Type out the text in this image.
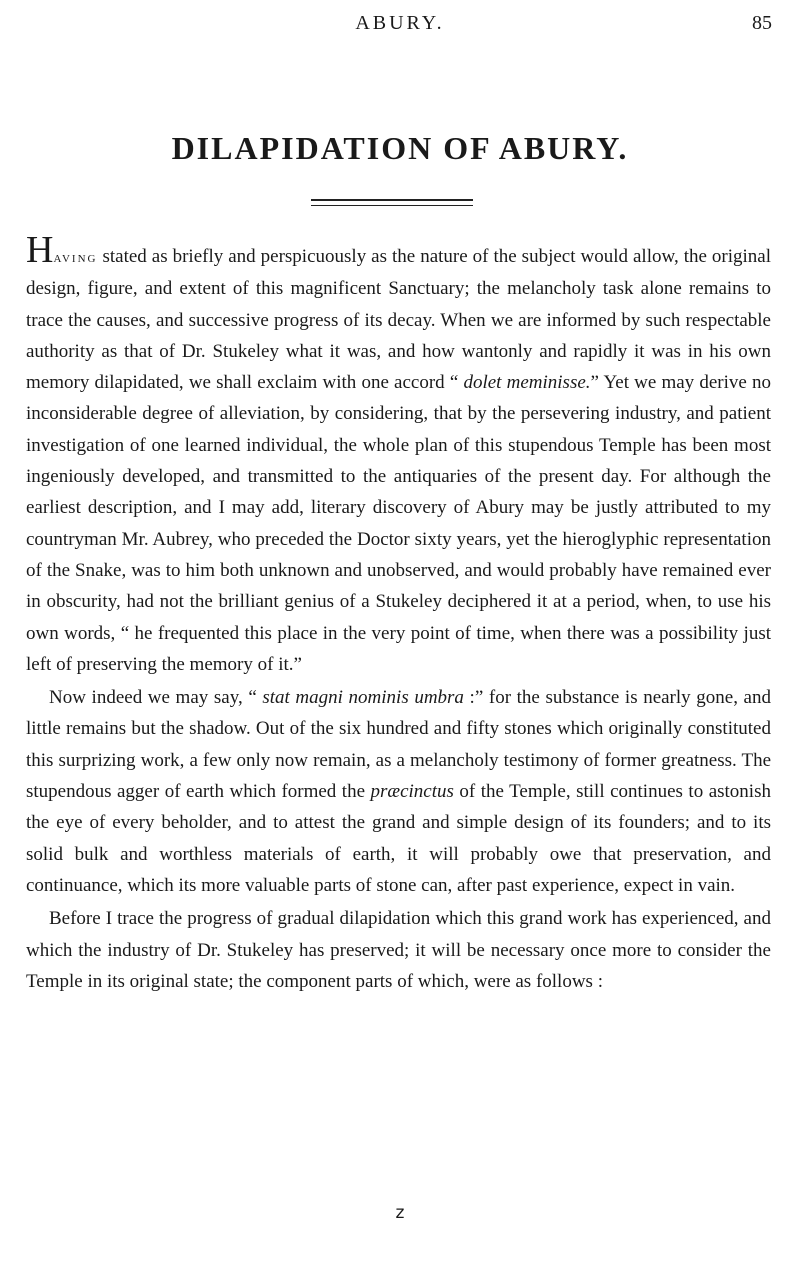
ABURY.	85
DILAPIDATION OF ABURY.

Having stated as briefly and perspicuously as the nature of the subject would allow, the original design, figure, and extent of this magnificent Sanctuary; the melancholy task alone remains to trace the causes, and successive progress of its decay. When we are informed by such respectable authority as that of Dr. Stukeley what it was, and how wantonly and rapidly it was in his own memory dilapidated, we shall exclaim with one accord “ dolet meminisse.” Yet we may derive no inconsiderable degree of alleviation, by considering, that by the persevering industry, and patient investigation of one learned individual, the whole plan of this stupendous Temple has been most ingeniously developed, and transmitted to the antiquaries of the present day. For although the earliest description, and I may add, literary discovery of Abury may be justly attributed to my countryman Mr. Aubrey, who preceded the Doctor sixty years, yet the hieroglyphic representation of the Snake, was to him both unknown and unobserved, and would probably have remained ever in obscurity, had not the brilliant genius of a Stukeley deciphered it at a period, when, to use his own words, “ he frequented this place in the very point of time, when there was a possibility just left of preserving the memory of it.”

Now indeed we may say, “ stat magni nominis umbra :” for the substance is nearly gone, and little remains but the shadow. Out of the six hundred and fifty stones which originally constituted this surprizing work, a few only now remain, as a melancholy testimony of former greatness. The stupendous agger of earth which formed the præcinctus of the Temple, still continues to astonish the eye of every beholder, and to attest the grand and simple design of its founders; and to its solid bulk and worthless materials of earth, it will probably owe that preservation, and continuance, which its more valuable parts of stone can, after past experience, expect in vain.

Before I trace the progress of gradual dilapidation which this grand work has experienced, and which the industry of Dr. Stukeley has preserved; it will be necessary once more to consider the Temple in its original state; the component parts of which, were as follows :

z
